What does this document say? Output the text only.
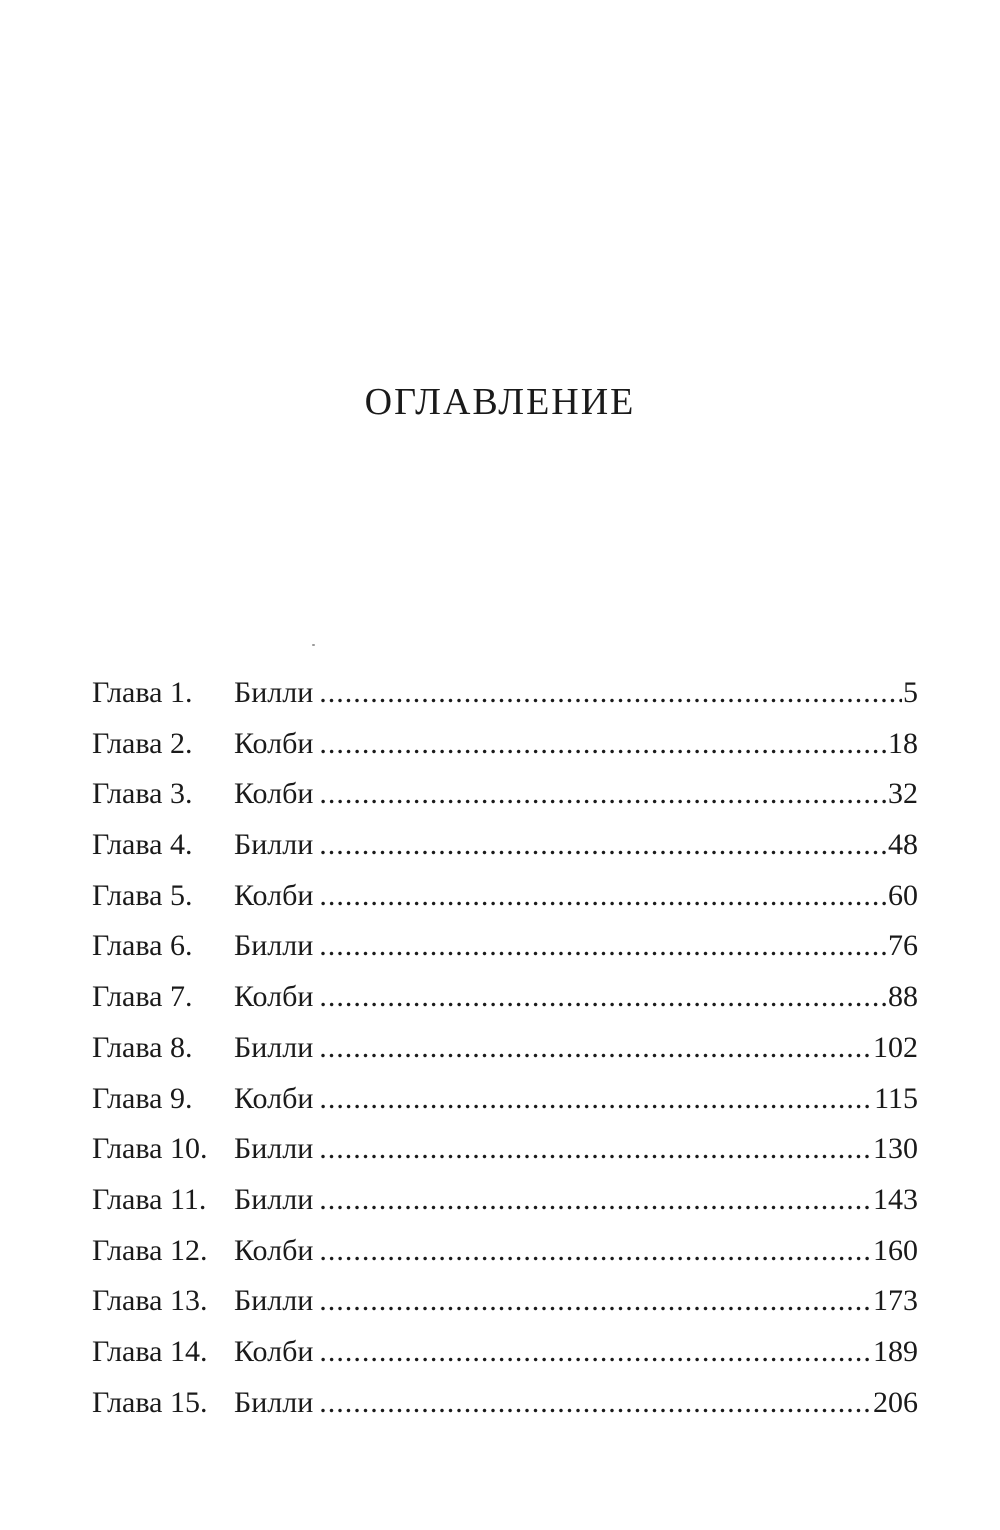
ОГЛАВЛЕНИЕ
Глава 1.	Билли .....	5
Глава 2.	Колби .....	18
Глава 3.	Колби .....	32
Глава 4.	Билли .....	48
Глава 5.	Колби .....	60
Глава 6.	Билли .....	76
Глава 7.	Колби .....	88
Глава 8.	Билли .....	102
Глава 9.	Колби .....	115
Глава 10. Билли .....	130
Глава 11. Билли .....	143
Глава 12. Колби .....	160
Глава 13. Билли .....	173
Глава 14. Колби .....	189
Глава 15. Билли .....	206
